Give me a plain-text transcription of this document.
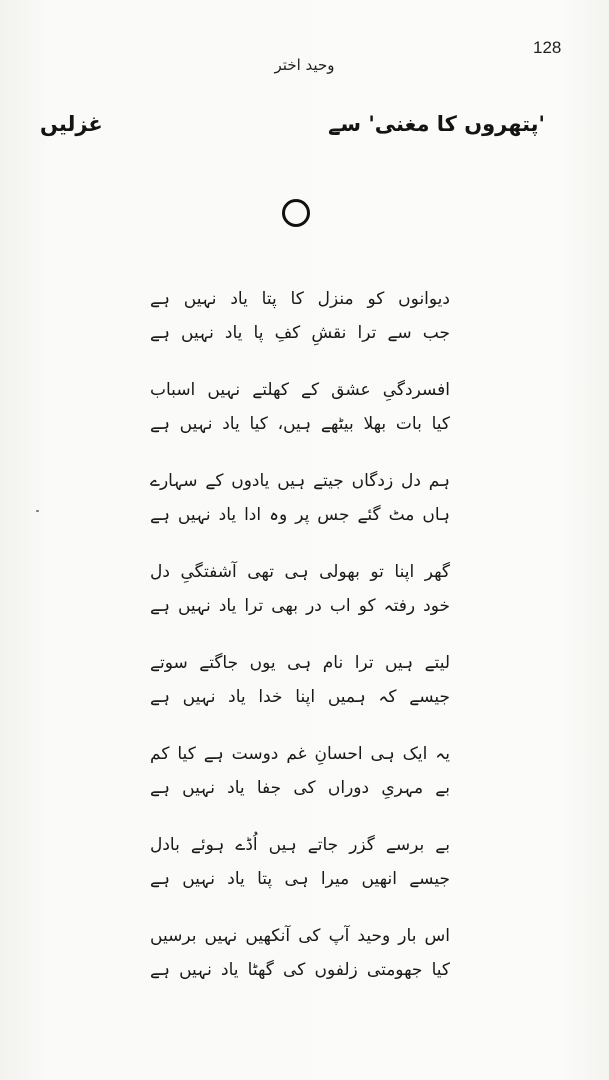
128
وحید اختر
'پتھروں کا مغنی' سے
غزلیں
دیوانوں کو منزل کا پتا یاد نہیں ہے
جب سے ترا نقشِ کفِ پا یاد نہیں ہے
افسردگیِ عشق کے کھلتے نہیں اسباب
کیا بات بھلا بیٹھے ہیں، کیا یاد نہیں ہے
ہم دل زدگاں جیتے ہیں یادوں کے سہارے
ہاں مٹ گئے جس پر وہ ادا یاد نہیں ہے
گھر اپنا تو بھولی ہی تھی آشفتگیِ دل
خود رفتہ کو اب در بھی ترا یاد نہیں ہے
لیتے ہیں ترا نام ہی یوں جاگتے سوتے
جیسے کہ ہمیں اپنا خدا یاد نہیں ہے
یہ ایک ہی احسانِ غم دوست ہے کیا کم
بے مہریِ دوراں کی جفا یاد نہیں ہے
بے برسے گزر جاتے ہیں اُڈے ہوئے بادل
جیسے انھیں میرا ہی پتا یاد نہیں ہے
اس بار وحید آپ کی آنکھیں نہیں برسیں
کیا جھومتی زلفوں کی گھٹا یاد نہیں ہے
